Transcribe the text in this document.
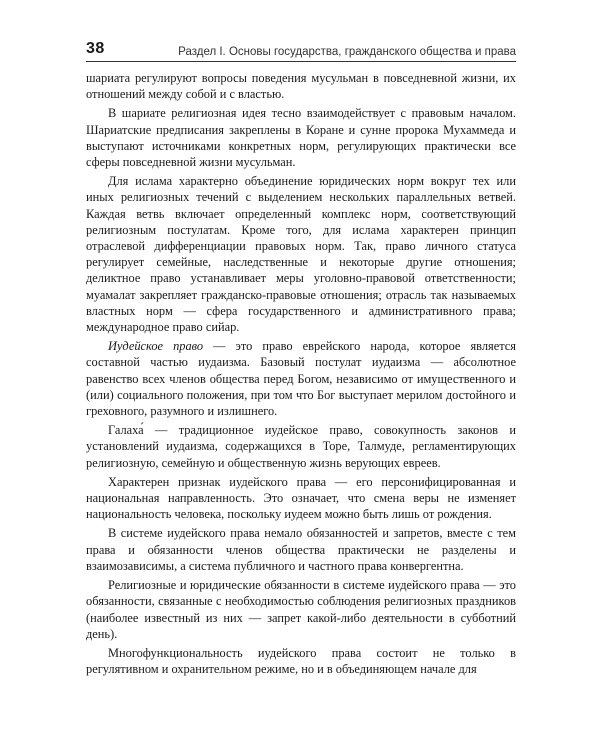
38	Раздел I. Основы государства, гражданского общества и права

шариата регулируют вопросы поведения мусульман в повседневной жизни, их отношений между собой и с властью.

В шариате религиозная идея тесно взаимодействует с правовым началом. Шариатские предписания закреплены в Коране и сунне пророка Мухаммеда и выступают источниками конкретных норм, регулирующих практически все сферы повседневной жизни мусульман.

Для ислама характерно объединение юридических норм вокруг тех или иных религиозных течений с выделением нескольких параллельных ветвей. Каждая ветвь включает определенный комплекс норм, соответствующий религиозным постулатам. Кроме того, для ислама характерен принцип отраслевой дифференциации правовых норм. Так, право личного статуса регулирует семейные, наследственные и некоторые другие отношения; деликтное право устанавливает меры уголовно-правовой ответственности; муамалат закрепляет гражданско-правовые отношения; отрасль так называемых властных норм — сфера государственного и административного права; международное право сийар.

Иудейское право — это право еврейского народа, которое является составной частью иудаизма. Базовый постулат иудаизма — абсолютное равенство всех членов общества перед Богом, независимо от имущественного и (или) социального положения, при том что Бог выступает мерилом достойного и греховного, разумного и излишнего.

Галаха́ — традиционное иудейское право, совокупность законов и установлений иудаизма, содержащихся в Торе, Талмуде, регламентирующих религиозную, семейную и общественную жизнь верующих евреев.

Характерен признак иудейского права — его персонифицированная и национальная направленность. Это означает, что смена веры не изменяет национальность человека, поскольку иудеем можно быть лишь от рождения.

В системе иудейского права немало обязанностей и запретов, вместе с тем права и обязанности членов общества практически не разделены и взаимозависимы, а система публичного и частного права конвергентна.

Религиозные и юридические обязанности в системе иудейского права — это обязанности, связанные с необходимостью соблюдения религиозных праздников (наиболее известный из них — запрет какой-либо деятельности в субботний день).

Многофункциональность иудейского права состоит не только в регулятивном и охранительном режиме, но и в объединяющем начале для
